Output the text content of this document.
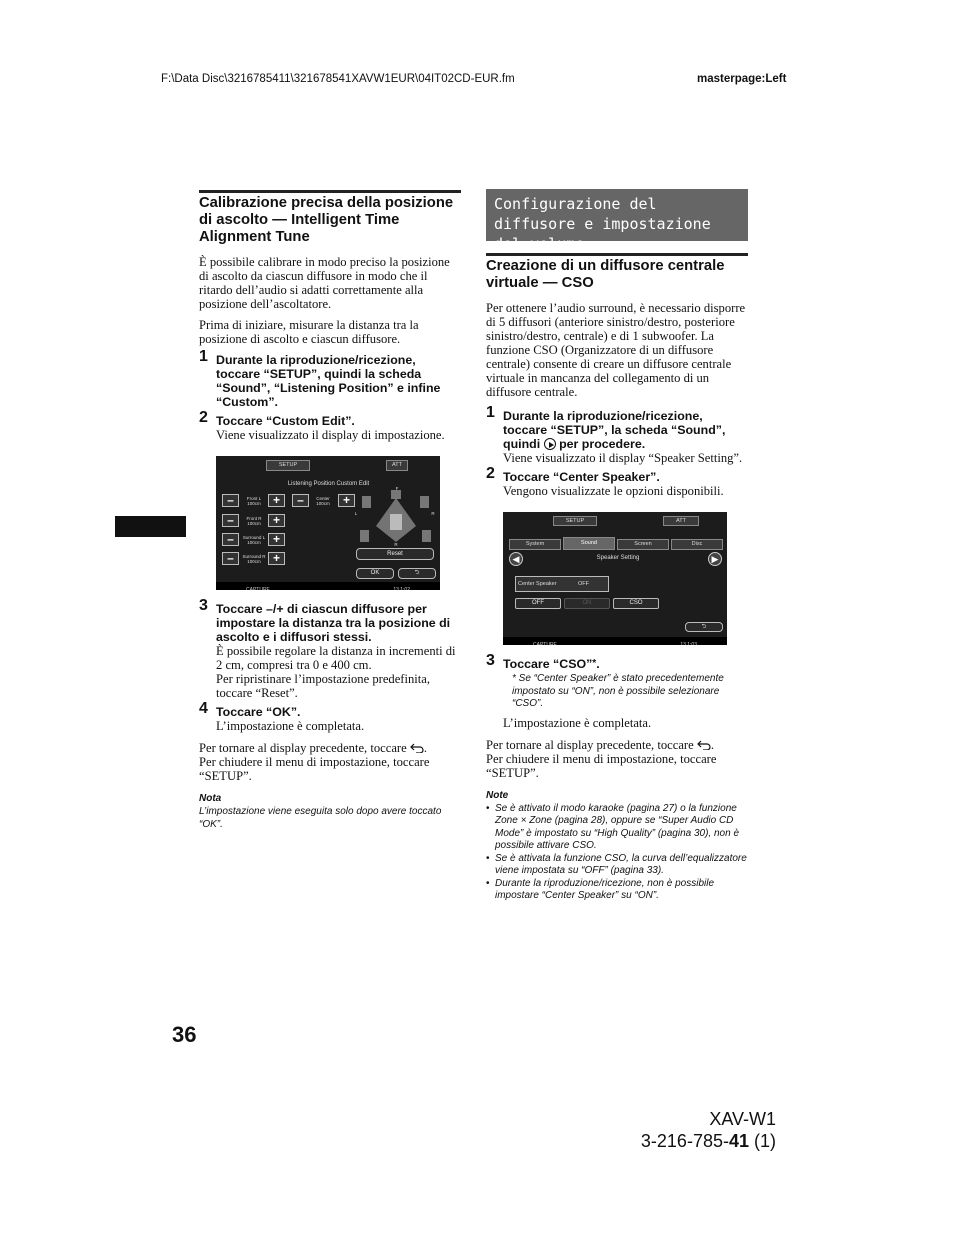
F:\Data Disc\3216785411\321678541XAVW1EUR\04IT02CD-EUR.fm	masterpage:Left
Calibrazione precisa della posizione di ascolto — Intelligent Time Alignment Tune

È possibile calibrare in modo preciso la posizione di ascolto da ciascun diffusore in modo che il ritardo dell’audio si adatti correttamente alla posizione dell’ascoltatore.

Prima di iniziare, misurare la distanza tra la posizione di ascolto e ciascun diffusore.

1 Durante la riproduzione/ricezione, toccare “SETUP”, quindi la scheda “Sound”, “Listening Position” e infine “Custom”.
2 Toccare “Custom Edit”.
Viene visualizzato il display di impostazione.
SETUP	ATT
Listening Position Custom Edit
–	Front L
100cm	+	–	Center
100cm	+
–	Front R
100cm	+
–	Surround L
100cm	+
–	Surround R
100cm	+
F
L	R
R
Reset
OK	⮌
CAPTURE	13 1:02
3 Toccare –/+ di ciascun diffusore per impostare la distanza tra la posizione di ascolto e i diffusori stessi.
È possibile regolare la distanza in incrementi di 2 cm, compresi tra 0 e 400 cm.
Per ripristinare l’impostazione predefinita, toccare “Reset”.
4 Toccare “OK”.
L’impostazione è completata.

Per tornare al display precedente, toccare .
Per chiudere il menu di impostazione, toccare “SETUP”.

Nota
L’impostazione viene eseguita solo dopo avere toccato “OK”.
Configurazione del diffusore e impostazione del volume
Creazione di un diffusore centrale virtuale — CSO

Per ottenere l’audio surround, è necessario disporre di 5 diffusori (anteriore sinistro/destro, posteriore sinistro/destro, centrale) e di 1 subwoofer. La funzione CSO (Organizzatore di un diffusore centrale) consente di creare un diffusore centrale virtuale in mancanza del collegamento di un diffusore centrale.

1 Durante la riproduzione/ricezione, toccare “SETUP”, la scheda “Sound”, quindi per procedere.
Viene visualizzato il display “Speaker Setting”.
2 Toccare “Center Speaker”.
Vengono visualizzate le opzioni disponibili.
SETUP	ATT
System	Sound	Screen	Disc
◀	Speaker Setting	▶
Center Speaker	OFF
OFF	ON	CSO
⮌
CAPTURE	13 1:03
3 Toccare “CSO”*.
* Se “Center Speaker” è stato precedentemente impostato su “ON”, non è possibile selezionare “CSO”.
L’impostazione è completata.

Per tornare al display precedente, toccare .
Per chiudere il menu di impostazione, toccare “SETUP”.

Note
• Se è attivato il modo karaoke (pagina 27) o la funzione Zone × Zone (pagina 28), oppure se “Super Audio CD Mode” è impostato su “High Quality” (pagina 30), non è possibile attivare CSO.
• Se è attivata la funzione CSO, la curva dell’equalizzatore viene impostata su “OFF” (pagina 33).
• Durante la riproduzione/ricezione, non è possibile impostare “Center Speaker” su “ON”.
36
XAV-W1
3-216-785-41 (1)
